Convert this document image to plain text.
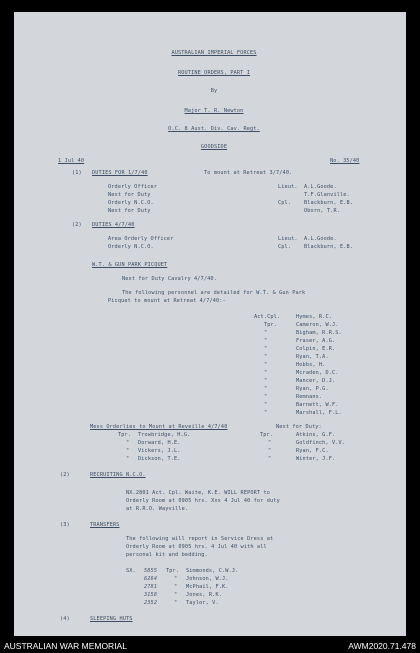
AUSTRALIAN IMPERIAL FORCES
ROUTINE ORDERS, PART I
By
Major T. R. Newton
O.C. 8 Aust. Div. Cav. Regt.
GOODSIDE
1 Jul 40	No. 35/40
(1) DUTIES FOR 1/7/40	To mount at Retreat 3/7/40.
Orderly Officer	Lieut. A.L.Goode.
Next for Duty	T.F.Glanville.
Orderly N.C.O.	Cpl. Blackburn, E.B.
Next for Duty	Oborn, T.R.
(2) DUTIES 4/7/40
Area Orderly Officer	Lieut. A.L.Goode.
Orderly N.C.O.	Cpl. Blackburn, E.B.
W.T. & GUN PARK PICQUET
Next for Duty Cavalry 4/7/40.
The following personnel are detailed for W.T. & Gun Park
Picquet to mount at Retreat 4/7/40:-
Act.Cpl.	Hymes, R.C.
Tpr.	Cameron, W.J.
"	Bigham, R.R.S.
"	Fraser, A.G.
"	Colpin, E.R.
"	Ryan, T.A.
"	Hobbs, H.
"	Mcraden, D.C.
"	Mancer, D.J.
"	Ryan, P.G.
"	Remnans.
"	Barnett, W.F.
"	Marshall, F.L.
Mess Orderlies to Mount at Reveille 4/7/40	Next for Duty:
Tpr. Trowbridge, H.G.
" Dorward, H.E.
" Vickers, J.L.
" Dickson, T.E.
Tpr.	Atkins, G.F.
"	Goldfinch, V.V.
"	Ryan, F.C.
"	Winter, J.F.
(2)	RECRUITING N.C.O.
NX.2801 Act. Cpl. Waite, K.E. WILL REPORT to
Orderly Room at 0905 hrs. Xxx 4 Jul 40 for duty
at R.R.O. Wayville.
(3)	TRANSFERS
The following will report in Service Dress at
Orderly Room at 0905 hrs. 4 Jul 40 with all
personal kit and bedding.
SX. 5855 Tpr. Simmonds, C.W.J.
6264	" Johnson, W.J.
2781	" McPhail, F.K.
3158	" Jones, R.K.
2352	" Taylor, V.
(4)	SLEEPING HUTS
AUSTRALIAN WAR MEMORIAL	AWM2020.71.478
